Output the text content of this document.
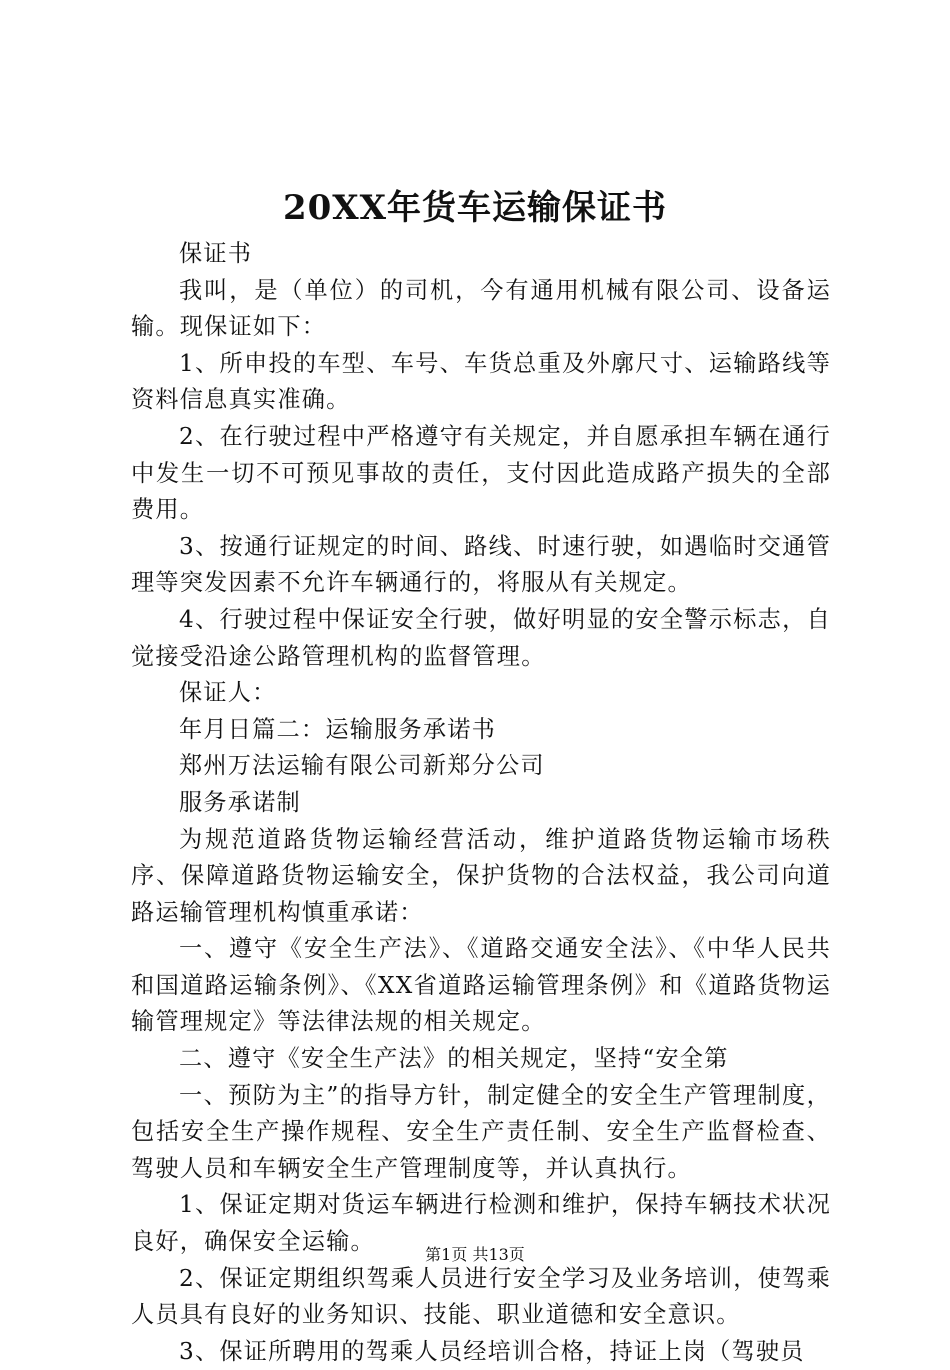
20XX年货车运输保证书

保证书

我叫，是（单位）的司机，今有通用机械有限公司、设备运输。现保证如下：

1、所申投的车型、车号、车货总重及外廓尺寸、运输路线等资料信息真实准确。

2、在行驶过程中严格遵守有关规定，并自愿承担车辆在通行中发生一切不可预见事故的责任，支付因此造成路产损失的全部费用。

3、按通行证规定的时间、路线、时速行驶，如遇临时交通管理等突发因素不允许车辆通行的，将服从有关规定。

4、行驶过程中保证安全行驶，做好明显的安全警示标志，自觉接受沿途公路管理机构的监督管理。

保证人：

年月日篇二：运输服务承诺书

郑州万法运输有限公司新郑分公司

服务承诺制

为规范道路货物运输经营活动，维护道路货物运输市场秩序、保障道路货物运输安全，保护货物的合法权益，我公司向道路运输管理机构慎重承诺：

一、遵守《安全生产法》、《道路交通安全法》、《中华人民共和国道路运输条例》、《XX省道路运输管理条例》和《道路货物运输管理规定》等法律法规的相关规定。

二、遵守《安全生产法》的相关规定，坚持“安全第

一、预防为主”的指导方针，制定健全的安全生产管理制度，包括安全生产操作规程、安全生产责任制、安全生产监督检查、驾驶人员和车辆安全生产管理制度等，并认真执行。

1、保证定期对货运车辆进行检测和维护，保持车辆技术状况良好，确保安全运输。

2、保证定期组织驾乘人员进行安全学习及业务培训，使驾乘人员具有良好的业务知识、技能、职业道德和安全意识。

3、保证所聘用的驾乘人员经培训合格，持证上岗（驾驶员

第1页 共13页
